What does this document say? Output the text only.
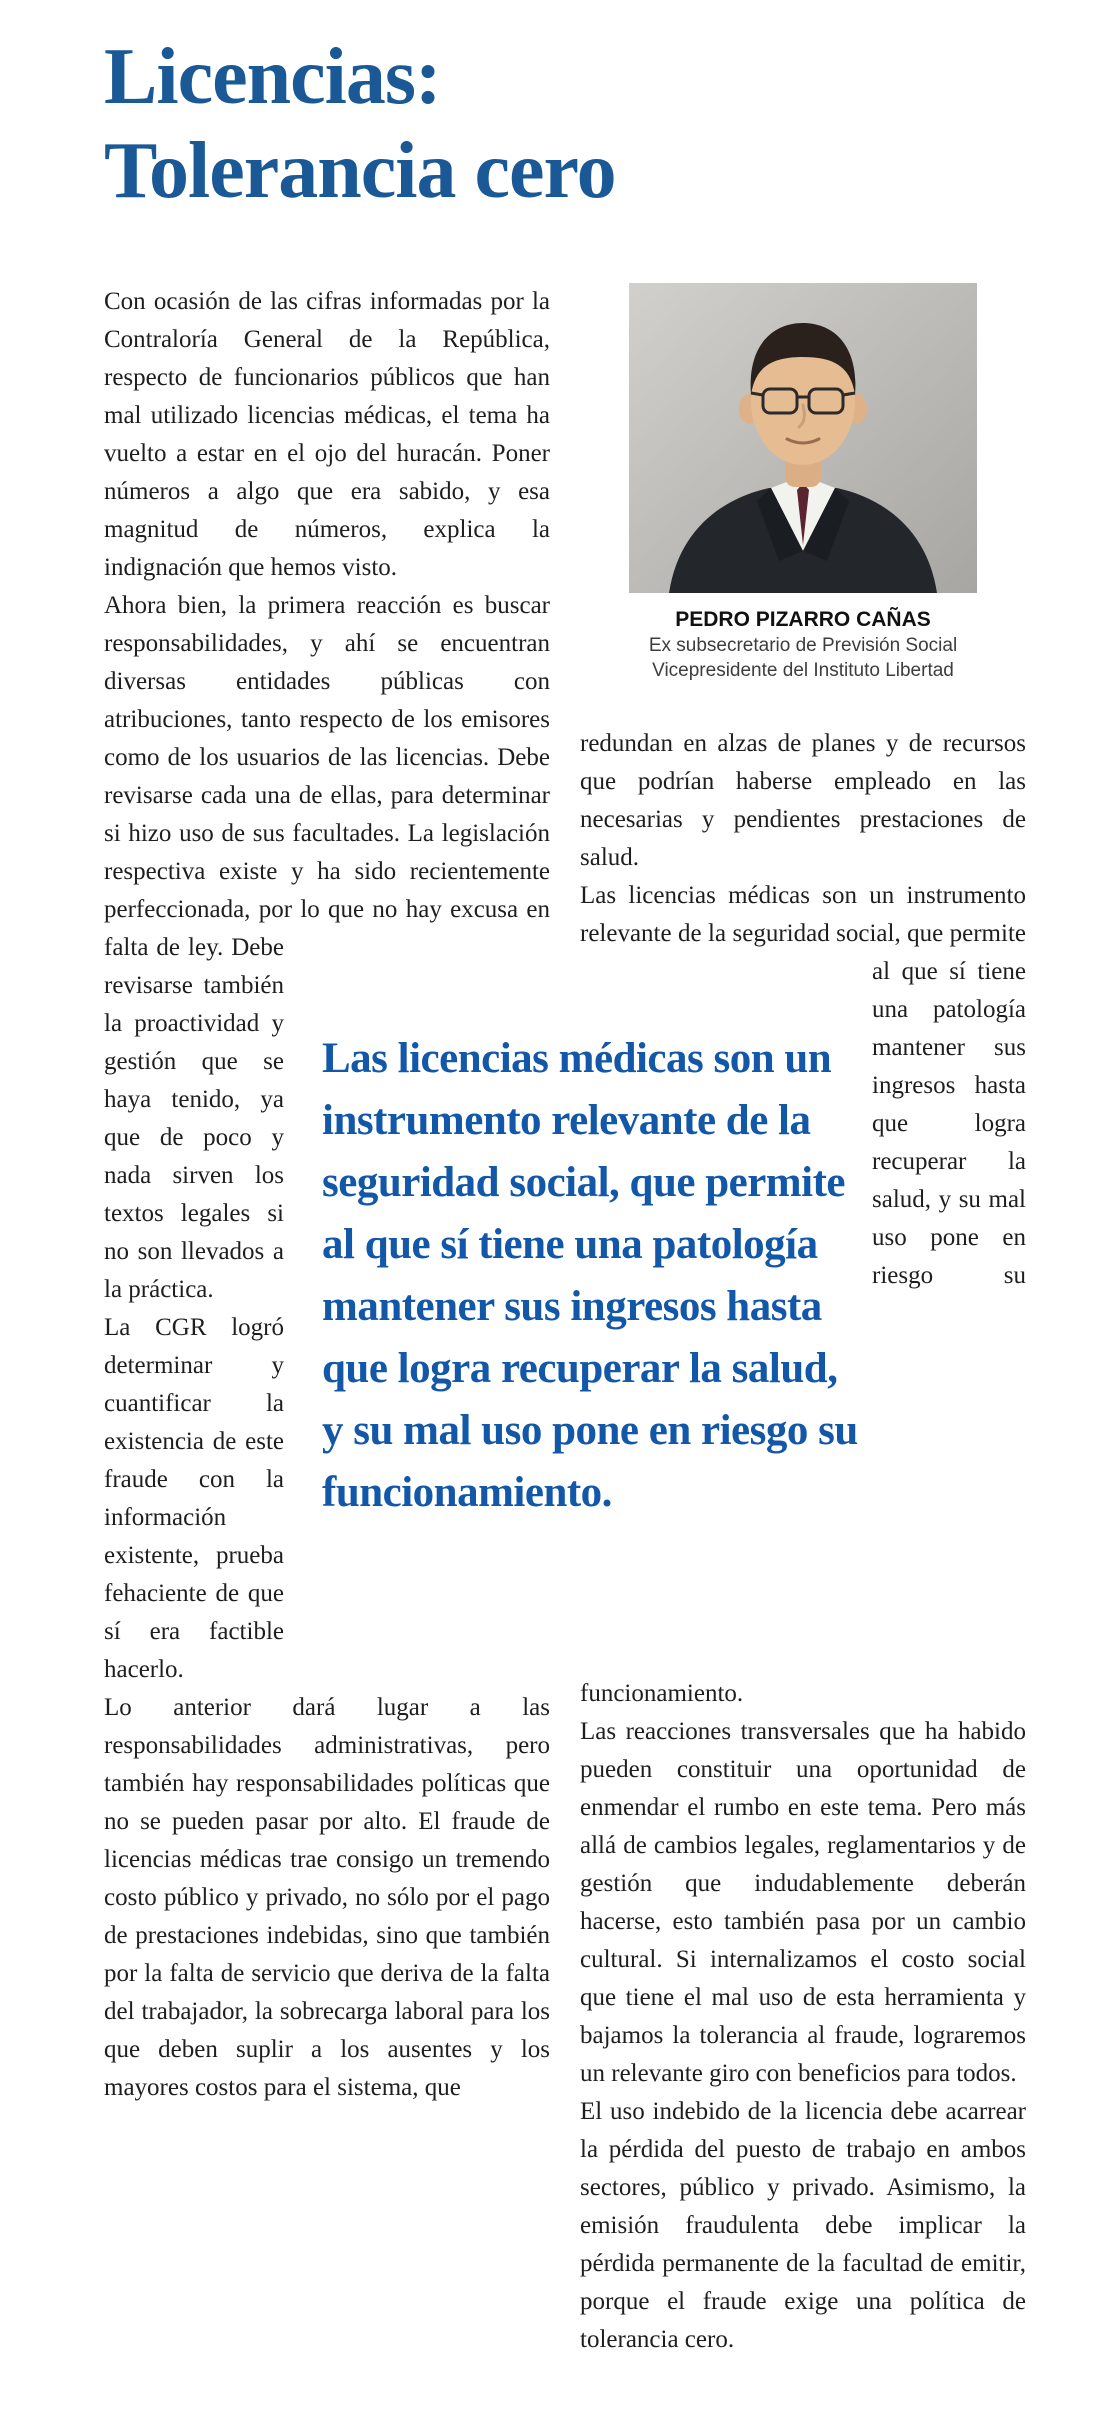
Licencias:
Tolerancia cero
Las licencias médicas son un instrumento relevante de la seguridad social, que permite al que sí tiene una patología mantener sus ingresos hasta que logra recuperar la salud, y su mal uso pone en riesgo su funcionamiento.

Con ocasión de las cifras informadas por la Contraloría General de la República, respecto de funcionarios públicos que han mal utilizado licencias médicas, el tema ha vuelto a estar en el ojo del huracán. Poner números a algo que era sabido, y esa magnitud de números, explica la indignación que hemos visto.

Ahora bien, la primera reacción es buscar responsabilidades, y ahí se encuentran diversas entidades públicas con atribuciones, tanto respecto de los emisores como de los usuarios de las licencias. Debe revisarse cada una de ellas, para determinar si hizo uso de sus facultades. La legislación respectiva existe y ha sido recientemente perfeccionada, por lo que no hay excusa en falta de ley. Debe revisarse también la proactividad y gestión que se haya tenido, ya que de poco y nada sirven los textos legales si no son llevados a la práctica.

La CGR logró determinar y cuantificar la existencia de este fraude con la información existente, prueba fehaciente de que sí era factible hacerlo.

Lo anterior dará lugar a las responsabilidades administrativas, pero también hay responsabilidades políticas que no se pueden pasar por alto. El fraude de licencias médicas trae consigo un tremendo costo público y privado, no sólo por el pago de prestaciones indebidas, sino que también por la falta de servicio que deriva de la falta del trabajador, la sobrecarga laboral para los que deben suplir a los ausentes y los mayores costos para el sistema, que

PEDRO PIZARRO CAÑAS
Ex subsecretario de Previsión Social
Vicepresidente del Instituto Libertad

redundan en alzas de planes y de recursos que podrían haberse empleado en las necesarias y pendientes prestaciones de salud.

Las licencias médicas son un instrumento relevante de la seguridad social, que permite al que sí tiene
una patología mantener sus ingresos hasta que logra recuperar la salud, y su mal uso pone en riesgo su funcionamiento.

Las reacciones transversales que ha habido pueden constituir una oportunidad de enmendar el rumbo en este tema. Pero más allá de cambios legales, reglamentarios y de gestión que indudablemente deberán hacerse, esto también pasa por un cambio cultural. Si internalizamos el costo social que tiene el mal uso de esta herramienta y bajamos la tolerancia al fraude, lograremos un relevante giro con beneficios para todos.

El uso indebido de la licencia debe acarrear la pérdida del puesto de trabajo en ambos sectores, público y privado. Asimismo, la emisión fraudulenta debe implicar la pérdida permanente de la facultad de emitir, porque el fraude exige una política de tolerancia cero.
